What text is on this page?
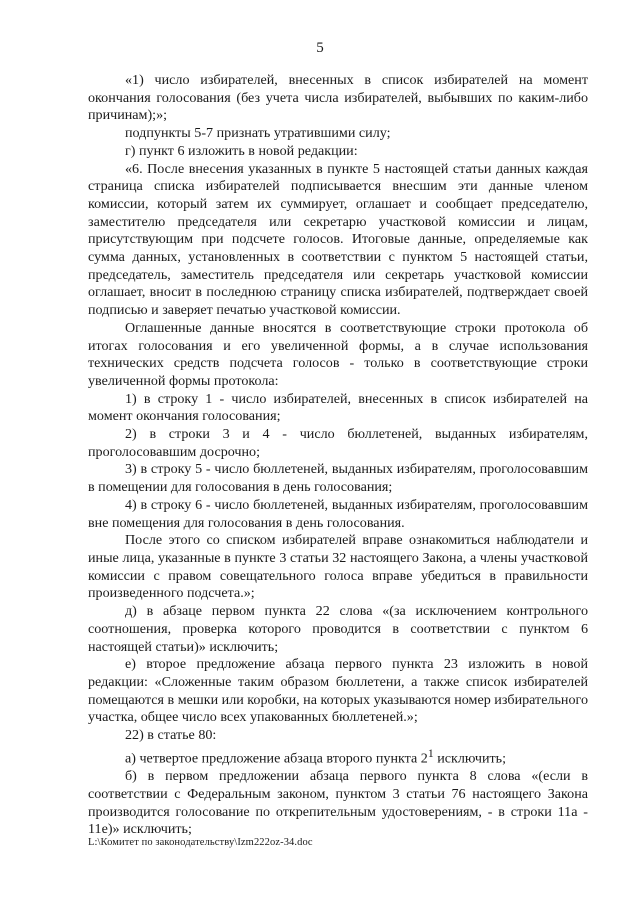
5

«1) число избирателей, внесенных в список избирателей на момент окончания голосования (без учета числа избирателей, выбывших по каким-либо причинам);»;

подпункты 5-7 признать утратившими силу;

г) пункт 6 изложить в новой редакции:

«6. После внесения указанных в пункте 5 настоящей статьи данных каждая страница списка избирателей подписывается внесшим эти данные членом комиссии, который затем их суммирует, оглашает и сообщает председателю, заместителю председателя или секретарю участковой комиссии и лицам, присутствующим при подсчете голосов. Итоговые данные, определяемые как сумма данных, установленных в соответствии с пунктом 5 настоящей статьи, председатель, заместитель председателя или секретарь участковой комиссии оглашает, вносит в последнюю страницу списка избирателей, подтверждает своей подписью и заверяет печатью участковой комиссии.

Оглашенные данные вносятся в соответствующие строки протокола об итогах голосования и его увеличенной формы, а в случае использования технических средств подсчета голосов - только в соответствующие строки увеличенной формы протокола:

1) в строку 1 - число избирателей, внесенных в список избирателей на момент окончания голосования;

2) в строки 3 и 4 - число бюллетеней, выданных избирателям, проголосовавшим досрочно;

3) в строку 5 - число бюллетеней, выданных избирателям, проголосовавшим в помещении для голосования в день голосования;

4) в строку 6 - число бюллетеней, выданных избирателям, проголосовавшим вне помещения для голосования в день голосования.

После этого со списком избирателей вправе ознакомиться наблюдатели и иные лица, указанные в пункте 3 статьи 32 настоящего Закона, а члены участковой комиссии с правом совещательного голоса вправе убедиться в правильности произведенного подсчета.»;

д) в абзаце первом пункта 22 слова «(за исключением контрольного соотношения, проверка которого проводится в соответствии с пунктом 6 настоящей статьи)» исключить;

е) второе предложение абзаца первого пункта 23 изложить в новой редакции: «Сложенные таким образом бюллетени, а также список избирателей помещаются в мешки или коробки, на которых указываются номер избирательного участка, общее число всех упакованных бюллетеней.»;

22) в статье 80:

а) четвертое предложение абзаца второго пункта $2^1$ исключить;

б) в первом предложении абзаца первого пункта 8 слова «(если в соответствии с Федеральным законом, пунктом 3 статьи 76 настоящего Закона производится голосование по открепительным удостоверениям, - в строки 11а - 11е)» исключить;

L:\Комитет по законодательству\Izm222oz-34.doc
